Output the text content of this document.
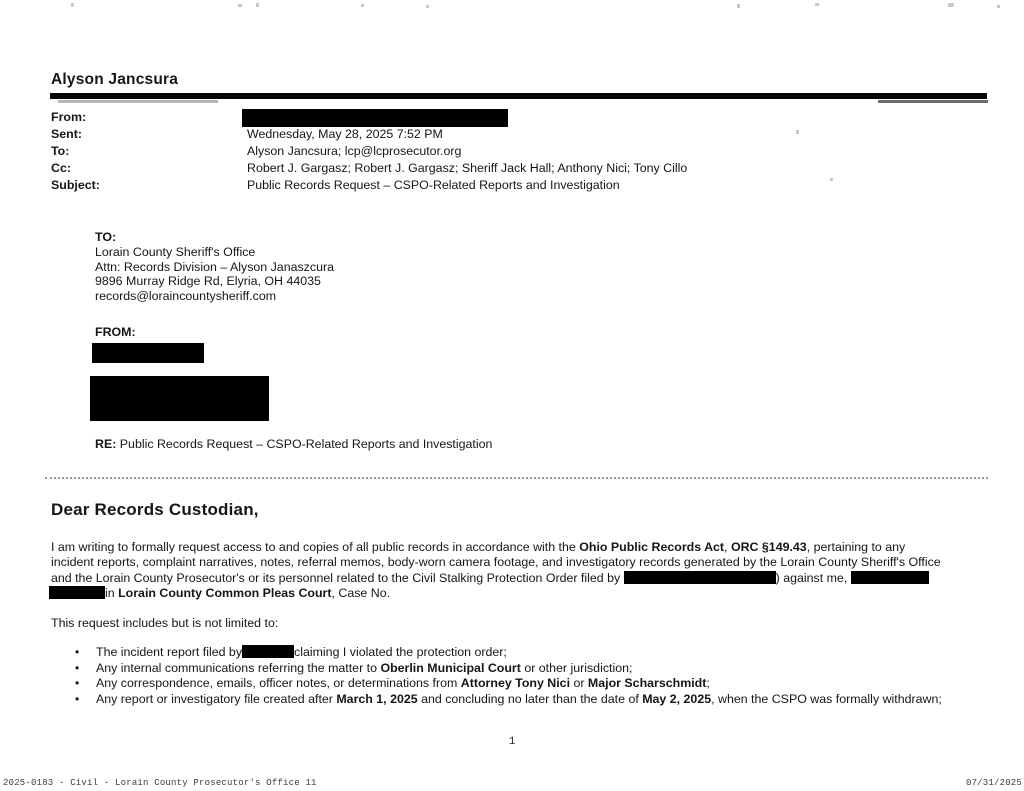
Alyson Jancsura
From:
Sent:	Wednesday, May 28, 2025 7:52 PM
To:	Alyson Jancsura; lcp@lcprosecutor.org
Cc:	Robert J. Gargasz; Robert J. Gargasz; Sheriff Jack Hall; Anthony Nici; Tony Cillo
Subject:	Public Records Request – CSPO-Related Reports and Investigation
TO:
Lorain County Sheriff's Office
Attn: Records Division – Alyson Janaszcura
9896 Murray Ridge Rd, Elyria, OH 44035
records@loraincountysheriff.com
FROM:
RE: Public Records Request – CSPO-Related Reports and Investigation
Dear Records Custodian,
I am writing to formally request access to and copies of all public records in accordance with the Ohio Public Records Act, ORC §149.43, pertaining to any
incident reports, complaint narratives, notes, referral memos, body-worn camera footage, and investigatory records generated by the Lorain County Sheriff's Office
and the Lorain County Prosecutor's or its personnel related to the Civil Stalking Protection Order filed by	) against me,
in Lorain County Common Pleas Court, Case No.
This request includes but is not limited to:
• The incident report filed by	claiming I violated the protection order;
• Any internal communications referring the matter to Oberlin Municipal Court or other jurisdiction;
• Any correspondence, emails, officer notes, or determinations from Attorney Tony Nici or Major Scharschmidt;
• Any report or investigatory file created after March 1, 2025 and concluding no later than the date of May 2, 2025, when the CSPO was formally withdrawn;
1
2025-0183 - Civil - Lorain County Prosecutor's Office 11	07/31/2025
